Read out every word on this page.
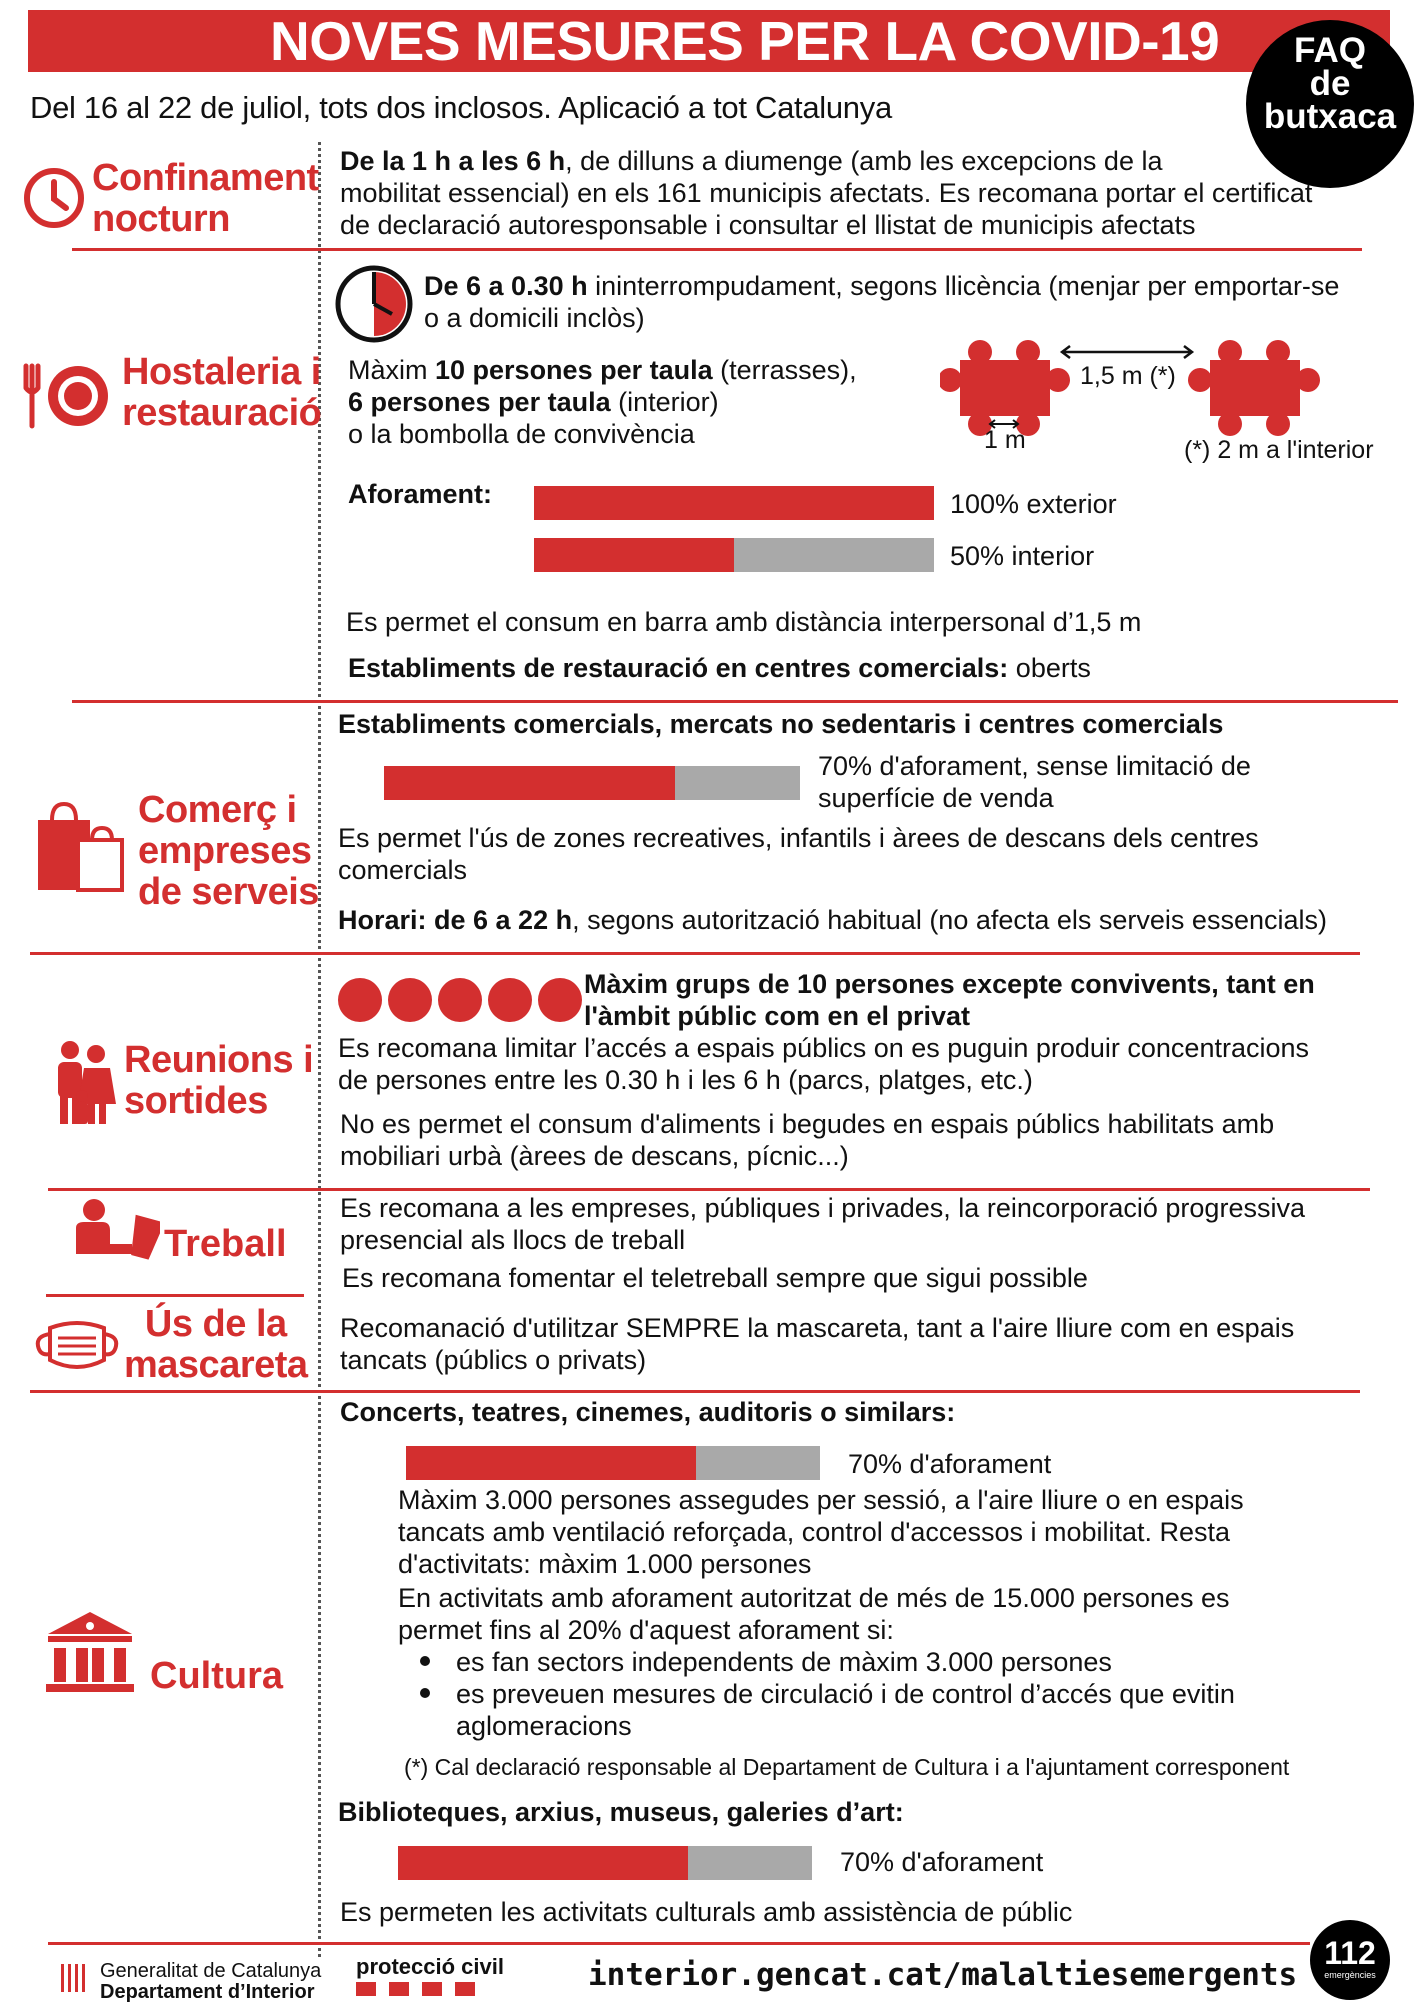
NOVES MESURES PER LA COVID-19
Del 16 al 22 de juliol, tots dos inclosos. Aplicació a tot Catalunya
FAQ
de
butxaca
Confinament
nocturn
De la 1 h a les 6 h, de dilluns a diumenge (amb les excepcions de la
mobilitat essencial) en els 161 municipis afectats. Es recomana portar el certificat
de declaració autoresponsable i consultar el llistat de municipis afectats
Hostaleria i
restauració
De 6 a 0.30 h ininterrompudament, segons llicència (menjar per emportar-se
o a domicili inclòs)
Màxim 10 persones per taula (terrasses),
6 persones per taula (interior)
o la bombolla de convivència
1,5 m (*)
1 m	(*) 2 m a l'interior
Aforament:	100% exterior
50% interior
Es permet el consum en barra amb distància interpersonal d’1,5 m
Establiments de restauració en centres comercials: oberts
Comerç i
empreses
de serveis
Establiments comercials, mercats no sedentaris i centres comercials
70% d'aforament, sense limitació de
superfície de venda
Es permet l'ús de zones recreatives, infantils i àrees de descans dels centres
comercials
Horari: de 6 a 22 h, segons autorització habitual (no afecta els serveis essencials)
Reunions i
sortides
Màxim grups de 10 persones excepte convivents, tant en
l'àmbit públic com en el privat
Es recomana limitar l’accés a espais públics on es puguin produir concentracions
de persones entre les 0.30 h i les 6 h (parcs, platges, etc.)
No es permet el consum d'aliments i begudes en espais públics habilitats amb
mobiliari urbà (àrees de descans, pícnic...)
Treball
Es recomana a les empreses, públiques i privades, la reincorporació progressiva
presencial als llocs de treball
Es recomana fomentar el teletreball sempre que sigui possible
Ús de la
mascareta
Recomanació d'utilitzar SEMPRE la mascareta, tant a l'aire lliure com en espais
tancats (públics o privats)
Cultura
Concerts, teatres, cinemes, auditoris o similars:
70% d'aforament
Màxim 3.000 persones assegudes per sessió, a l'aire lliure o en espais
tancats amb ventilació reforçada, control d'accessos i mobilitat. Resta
d'activitats: màxim 1.000 persones
En activitats amb aforament autoritzat de més de 15.000 persones es
permet fins al 20% d'aquest aforament si:
es fan sectors independents de màxim 3.000 persones
es preveuen mesures de circulació i de control d’accés que evitin
aglomeracions
(*) Cal declaració responsable al Departament de Cultura i a l'ajuntament corresponent
Biblioteques, arxius, museus, galeries d’art:
70% d'aforament
Es permeten les activitats culturals amb assistència de públic
Generalitat de Catalunya
Departament d’Interior
protecció civil	interior.gencat.cat/malaltiesemergents
112
emergències
